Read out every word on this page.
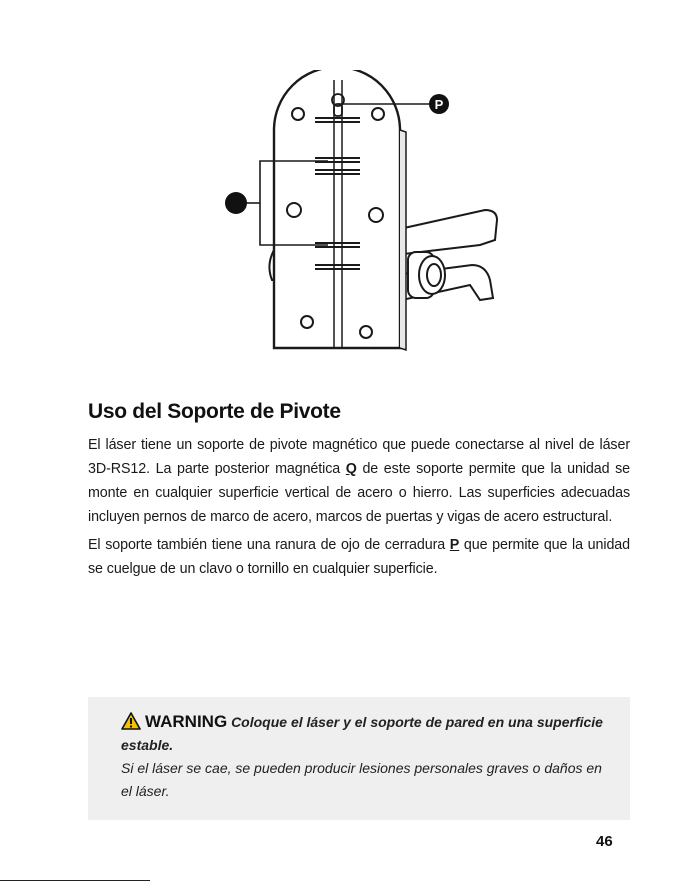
P
Uso del Soporte de Pivote

El láser tiene un soporte de pivote magnético que puede conectarse al nivel de láser 3D-RS12. La parte posterior magnética Q de este soporte permite que la unidad se monte en cualquier superficie vertical de acero o hierro. Las superficies adecuadas incluyen pernos de marco de acero, marcos de puertas y vigas de acero estructural.

El soporte también tiene una ranura de ojo de cerradura P que permite que la unidad se cuelgue de un clavo o tornillo en cualquier superficie.

WARNING Coloque el láser y el soporte de pared en una superficie estable.
Si el láser se cae, se pueden producir lesiones personales graves o daños en el láser.
46
